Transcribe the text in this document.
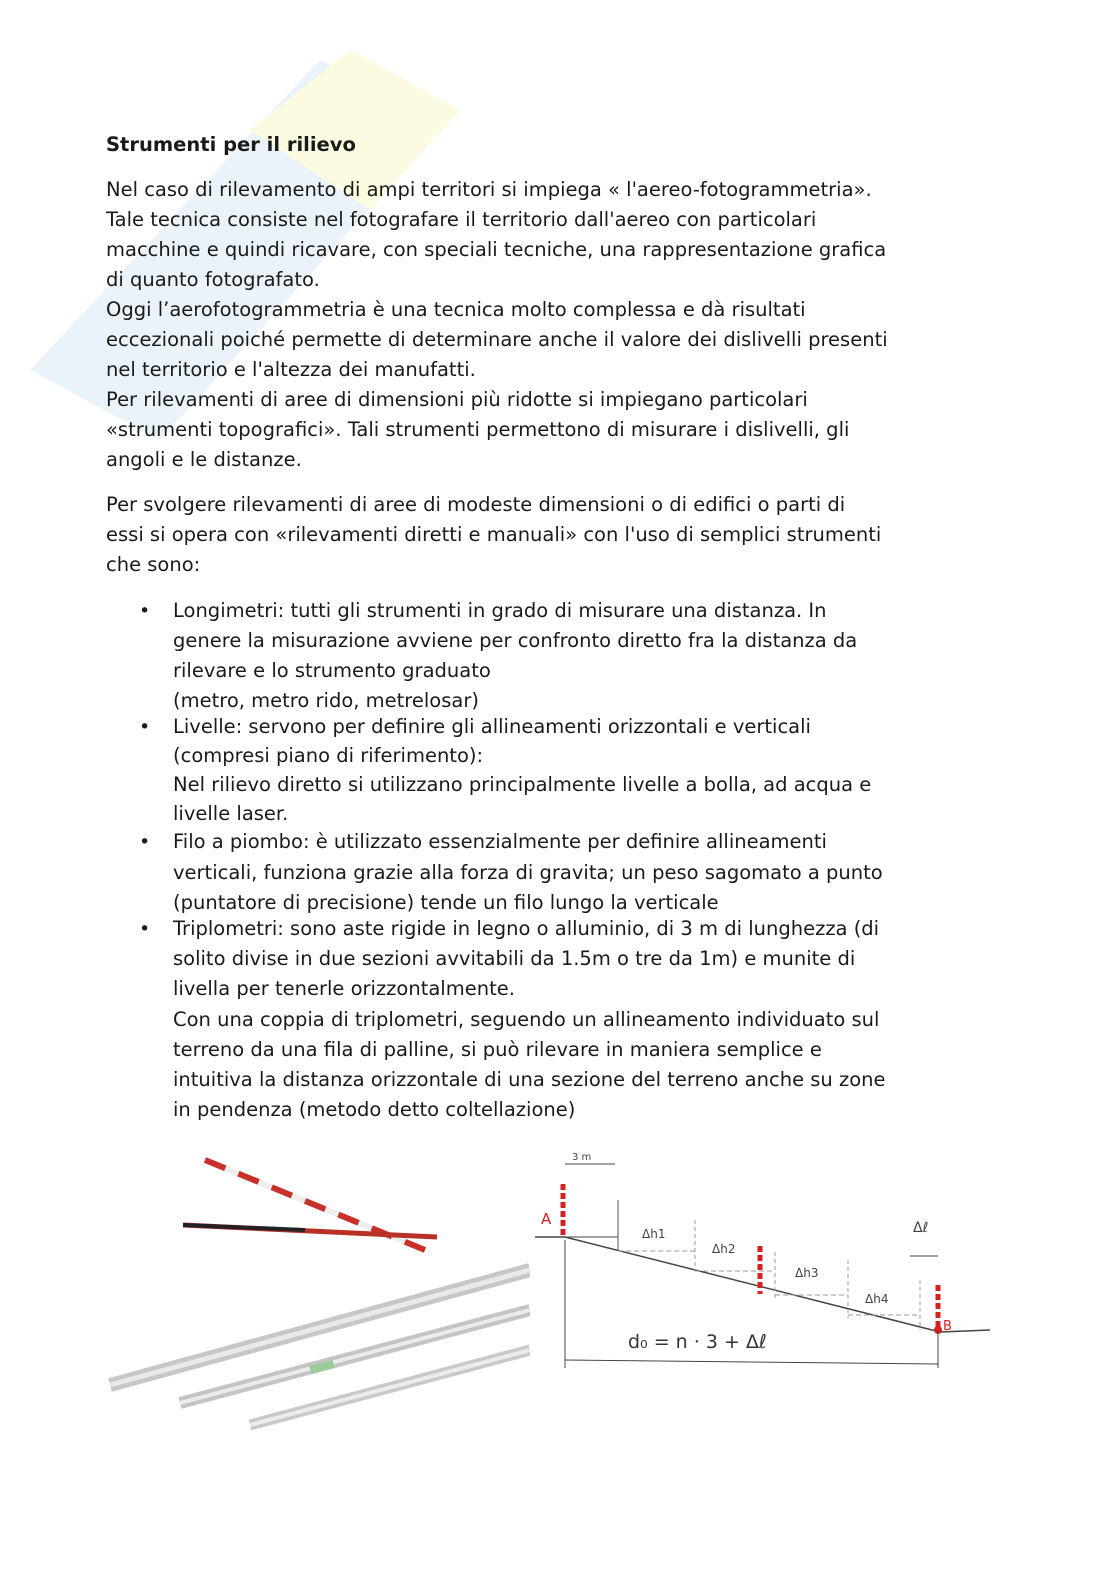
Strumenti per il rilievo
Nel caso di rilevamento di ampi territori si impiega « l'aereo-fotogrammetria».
Tale tecnica consiste nel fotografare il territorio dall'aereo con particolari
macchine e quindi ricavare, con speciali tecniche, una rappresentazione grafica
di quanto fotografato.
Oggi l’aerofotogrammetria è una tecnica molto complessa e dà risultati
eccezionali poiché permette di determinare anche il valore dei dislivelli presenti
nel territorio e l'altezza dei manufatti.
Per rilevamenti di aree di dimensioni più ridotte si impiegano particolari
«strumenti topografici». Tali strumenti permettono di misurare i dislivelli, gli
angoli e le distanze.
Per svolgere rilevamenti di aree di modeste dimensioni o di edifici o parti di
essi si opera con «rilevamenti diretti e manuali» con l'uso di semplici strumenti
che sono:
• Longimetri: tutti gli strumenti in grado di misurare una distanza. In
genere la misurazione avviene per confronto diretto fra la distanza da
rilevare e lo strumento graduato
(metro, metro rido, metrelosar)
• Livelle: servono per definire gli allineamenti orizzontali e verticali
(compresi piano di riferimento):
Nel rilievo diretto si utilizzano principalmente livelle a bolla, ad acqua e
livelle laser.
• Filo a piombo: è utilizzato essenzialmente per definire allineamenti
verticali, funziona grazie alla forza di gravita; un peso sagomato a punto
(puntatore di precisione) tende un filo lungo la verticale
• Triplometri: sono aste rigide in legno o alluminio, di 3 m di lunghezza (di
solito divise in due sezioni avvitabili da 1.5m o tre da 1m) e munite di
livella per tenerle orizzontalmente.
Con una coppia di triplometri, seguendo un allineamento individuato sul
terreno da una fila di palline, si può rilevare in maniera semplice e
intuitiva la distanza orizzontale di una sezione del terreno anche su zone
in pendenza (metodo detto coltellazione)
A
B
3 m
Δh1
Δh2
Δh3
Δh4
Δℓ
d₀ = n · 3 + Δℓ
